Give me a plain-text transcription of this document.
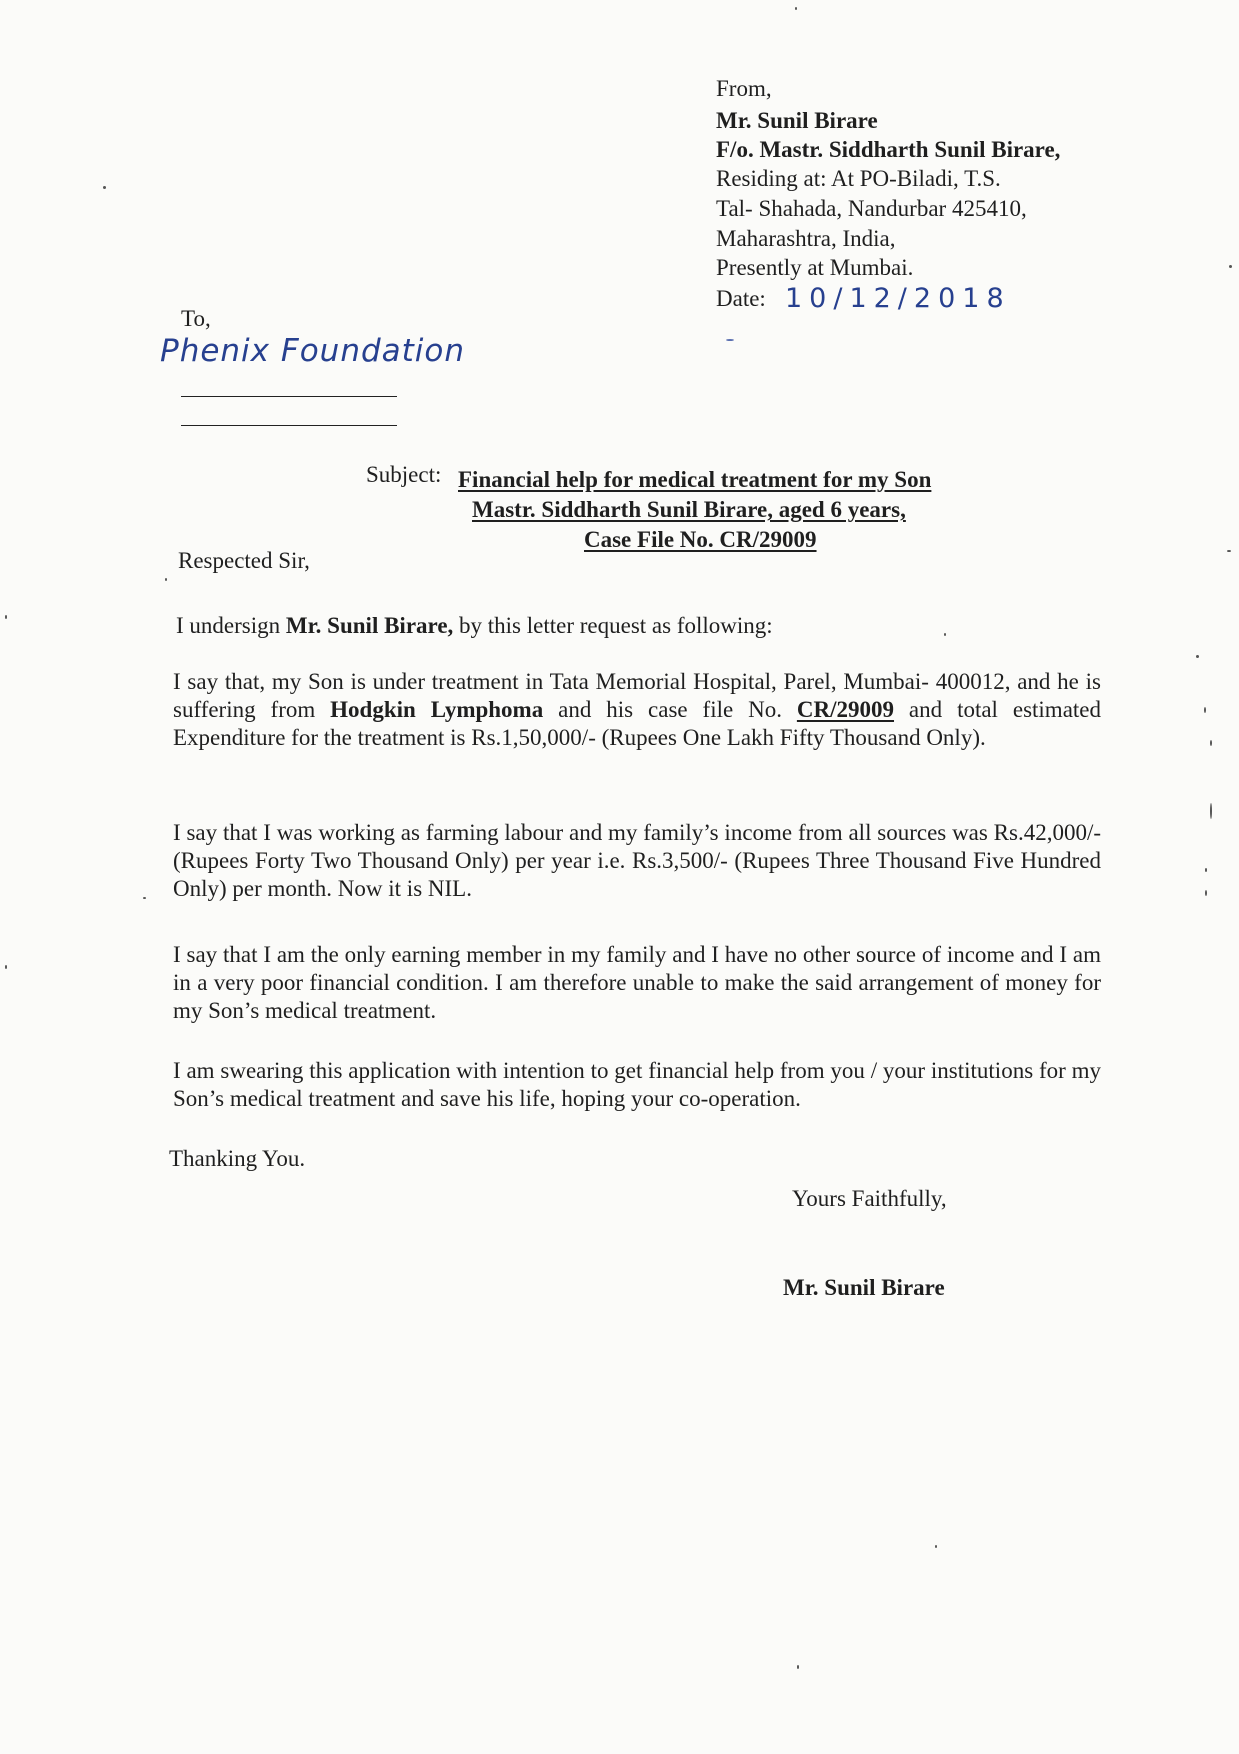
From,
Mr. Sunil Birare
F/o. Mastr. Siddharth Sunil Birare,
Residing at: At PO-Biladi, T.S.
Tal- Shahada, Nandurbar 425410,
Maharashtra, India,
Presently at Mumbai.
Date: 10/12/2018
To,
Phenix Foundation
Subject: Financial help for medical treatment for my Son
Mastr. Siddharth Sunil Birare, aged 6 years,
Case File No. CR/29009
Respected Sir,
I undersign Mr. Sunil Birare, by this letter request as following:

I say that, my Son is under treatment in Tata Memorial Hospital, Parel, Mumbai- 400012, and he is suffering from Hodgkin Lymphoma and his case file No. CR/29009 and total estimated Expenditure for the treatment is Rs.1,50,000/- (Rupees One Lakh Fifty Thousand Only).

I say that I was working as farming labour and my family’s income from all sources was Rs.42,000/- (Rupees Forty Two Thousand Only) per year i.e. Rs.3,500/- (Rupees Three Thousand Five Hundred Only) per month. Now it is NIL.

I say that I am the only earning member in my family and I have no other source of income and I am in a very poor financial condition. I am therefore unable to make the said arrangement of money for my Son’s medical treatment.

I am swearing this application with intention to get financial help from you / your institutions for my Son’s medical treatment and save his life, hoping your co-operation.

Thanking You.
Yours Faithfully,
Mr. Sunil Birare
